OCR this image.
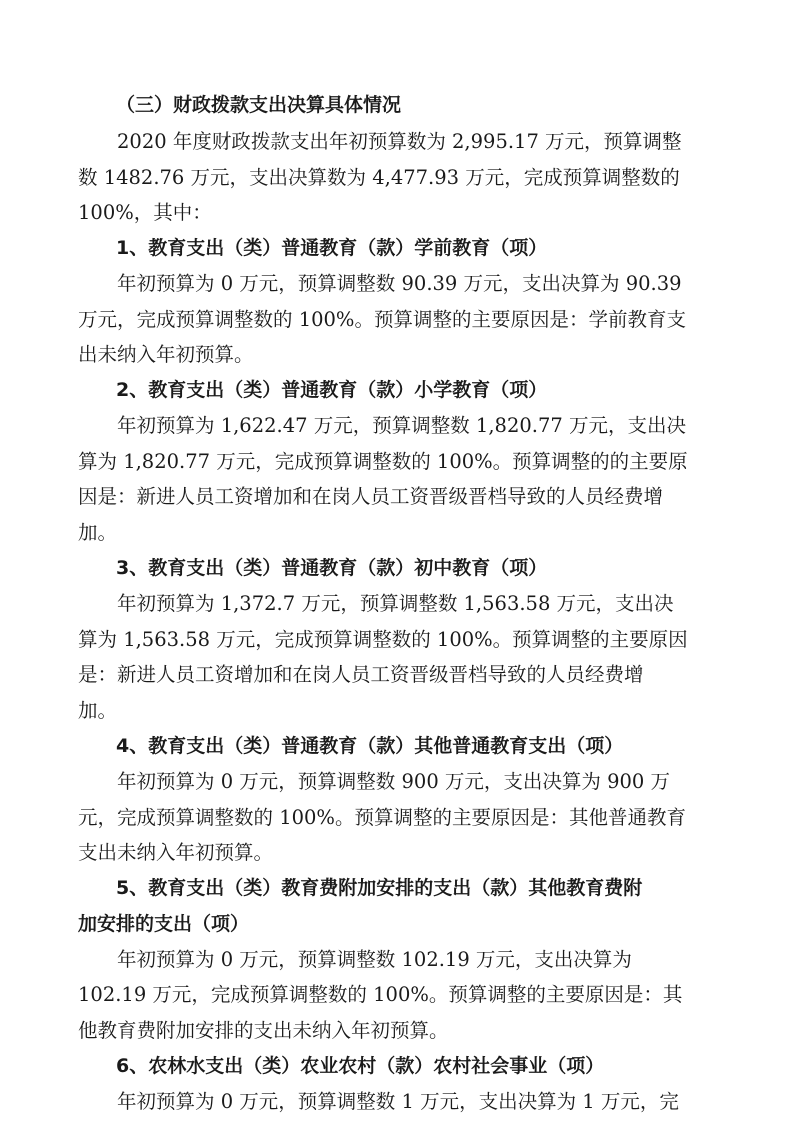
（三）财政拨款支出决算具体情况
2020 年度财政拨款支出年初预算数为 2,995.17 万元，预算调整
数 1482.76 万元，支出决算数为 4,477.93 万元，完成预算调整数的
100%，其中：
1、教育支出（类）普通教育（款）学前教育（项）
年初预算为 0 万元，预算调整数 90.39 万元，支出决算为 90.39
万元，完成预算调整数的 100%。预算调整的主要原因是：学前教育支
出未纳入年初预算。
2、教育支出（类）普通教育（款）小学教育（项）
年初预算为 1,622.47 万元，预算调整数 1,820.77 万元，支出决
算为 1,820.77 万元，完成预算调整数的 100%。预算调整的的主要原
因是：新进人员工资增加和在岗人员工资晋级晋档导致的人员经费增
加。
3、教育支出（类）普通教育（款）初中教育（项）
年初预算为 1,372.7 万元，预算调整数 1,563.58 万元，支出决
算为 1,563.58 万元，完成预算调整数的 100%。预算调整的主要原因
是：新进人员工资增加和在岗人员工资晋级晋档导致的人员经费增
加。
4、教育支出（类）普通教育（款）其他普通教育支出（项）
年初预算为 0 万元，预算调整数 900 万元，支出决算为 900 万
元，完成预算调整数的 100%。预算调整的主要原因是：其他普通教育
支出未纳入年初预算。
5、教育支出（类）教育费附加安排的支出（款）其他教育费附
加安排的支出（项）
年初预算为 0 万元，预算调整数 102.19 万元，支出决算为
102.19 万元，完成预算调整数的 100%。预算调整的主要原因是：其
他教育费附加安排的支出未纳入年初预算。
6、农林水支出（类）农业农村（款）农村社会事业（项）
年初预算为 0 万元，预算调整数 1 万元，支出决算为 1 万元，完
